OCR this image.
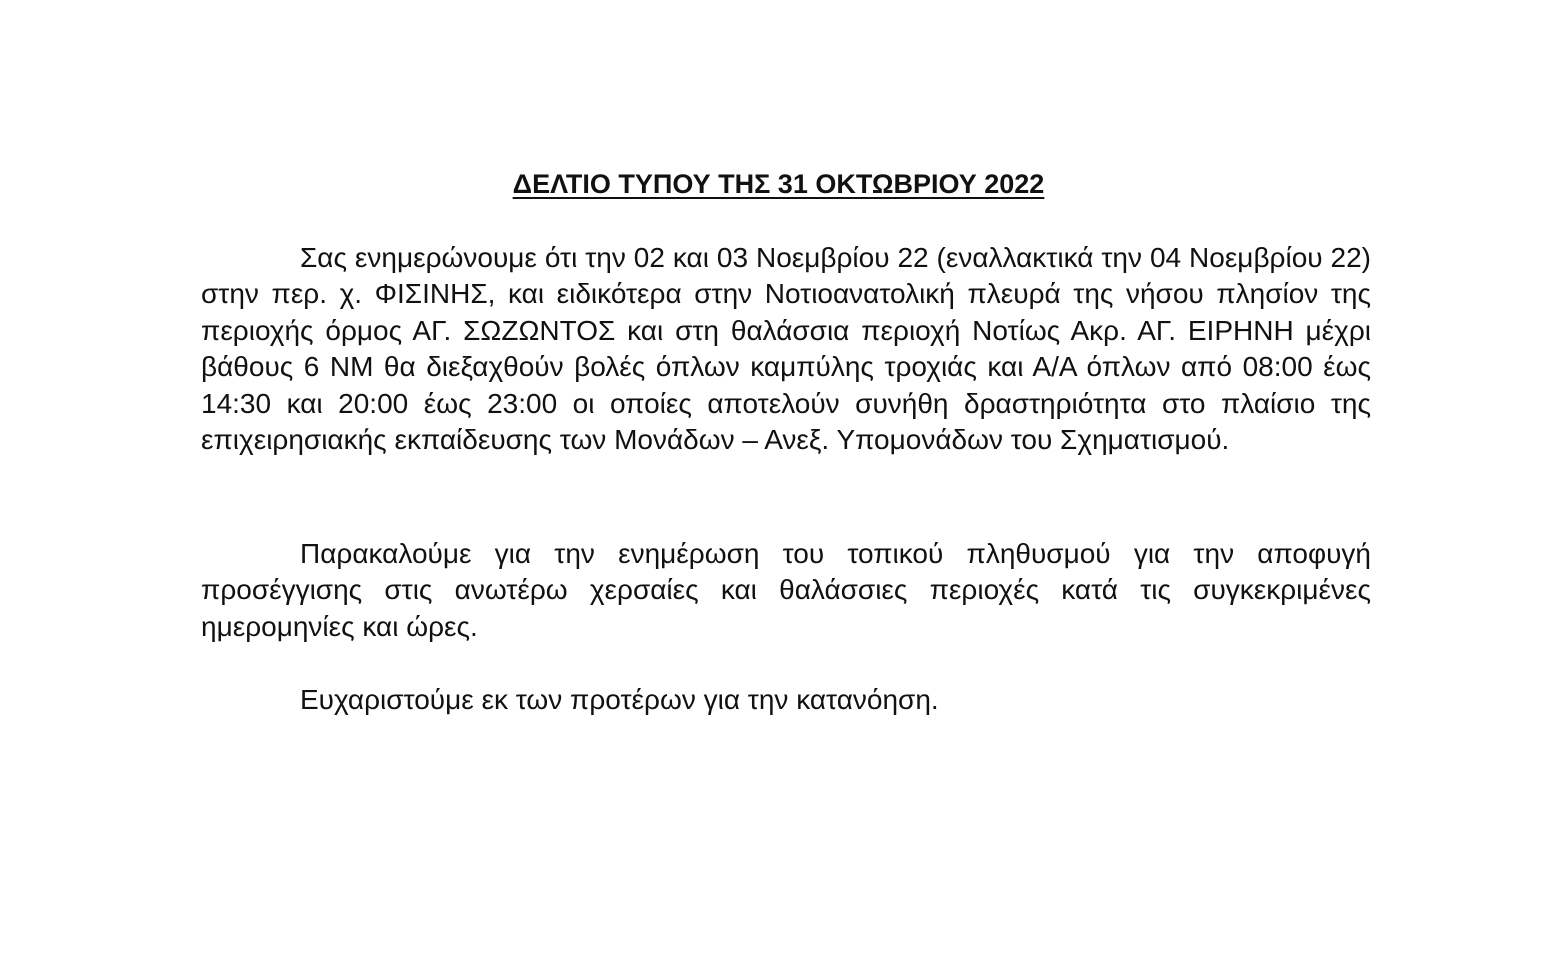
ΔΕΛΤΙΟ ΤΥΠΟΥ ΤΗΣ 31 ΟΚΤΩΒΡΙΟΥ 2022

Σας ενημερώνουμε ότι την 02 και 03 Νοεμβρίου 22 (εναλλακτικά την 04 Νοεμβρίου 22) στην περ. χ. ΦΙΣΙΝΗΣ, και ειδικότερα στην Νοτιοανατολική πλευρά της νήσου πλησίον της περιοχής όρμος ΑΓ. ΣΩΖΩΝΤΟΣ και στη θαλάσσια περιοχή Νοτίως Ακρ. ΑΓ. ΕΙΡΗΝΗ μέχρι βάθους 6 ΝΜ θα διεξαχθούν βολές όπλων καμπύλης τροχιάς και Α/Α όπλων από 08:00 έως 14:30 και 20:00 έως 23:00 οι οποίες αποτελούν συνήθη δραστηριότητα στο πλαίσιο της επιχειρησιακής εκπαίδευσης των Μονάδων – Ανεξ. Υπομονάδων του Σχηματισμού.

Παρακαλούμε για την ενημέρωση του τοπικού πληθυσμού για την αποφυγή προσέγγισης στις ανωτέρω χερσαίες και θαλάσσιες περιοχές κατά τις συγκεκριμένες ημερομηνίες και ώρες.

Ευχαριστούμε εκ των προτέρων για την κατανόηση.
